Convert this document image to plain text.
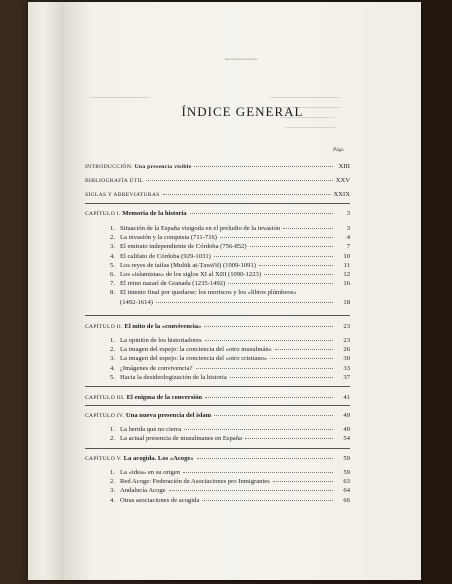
▬▬▬▬▬▬
ÍNDICE GENERAL
Págs.
INTRODUCCIÓN. Una presencia visible	XIII
BIBLIOGRAFÍA ÚTIL	XXV
SIGLAS Y ABREVIATURAS	XXIX
CAPÍTULO I. Memoria de la historia	3
1. Situación de la España visigoda en el preludio de la invasión	3
2. La invasión y la conquista (711-716)	4
3. El emirato independiente de Córdoba (756-852)	7
4. El califato de Córdoba (929-1031)	10
5. Los reyes de taifas (Mulūk aṭ-Ṭawā'if) (1009-1091)	11
6. Los «islamistas» de los siglos XI al XIII (1090-1223)	12
7. El reino nazarí de Granada (1235-1492)	16
8. El intento final por quedarse: los moriscos y los «libros plúmbeos»
(1492-1614)	18
CAPÍTULO II. El mito de la «convivencia»	23
1. La opinión de los historiadores	23
2. La imagen del espejo: la conciencia del «otro musulmán»	26
3. La imagen del espejo: la conciencia del «otro cristiano»	30
4. ¿Imágenes de convivencia?	33
5. Hacia la desideologización de la historia	37
CAPÍTULO III. El enigma de la conversión	41
CAPÍTULO IV. Una nueva presencia del islam	49
1. La herida que no cierra	49
2. La actual presencia de musulmanes en España	54
CAPÍTULO V. La acogida. Los «Acoge»	59
1. La «idea» en su origen	59
2. Red Acoge: Federación de Asociaciones pro Inmigrantes	63
3. Andalucía Acoge	64
4. Otras asociaciones de acogida	66
